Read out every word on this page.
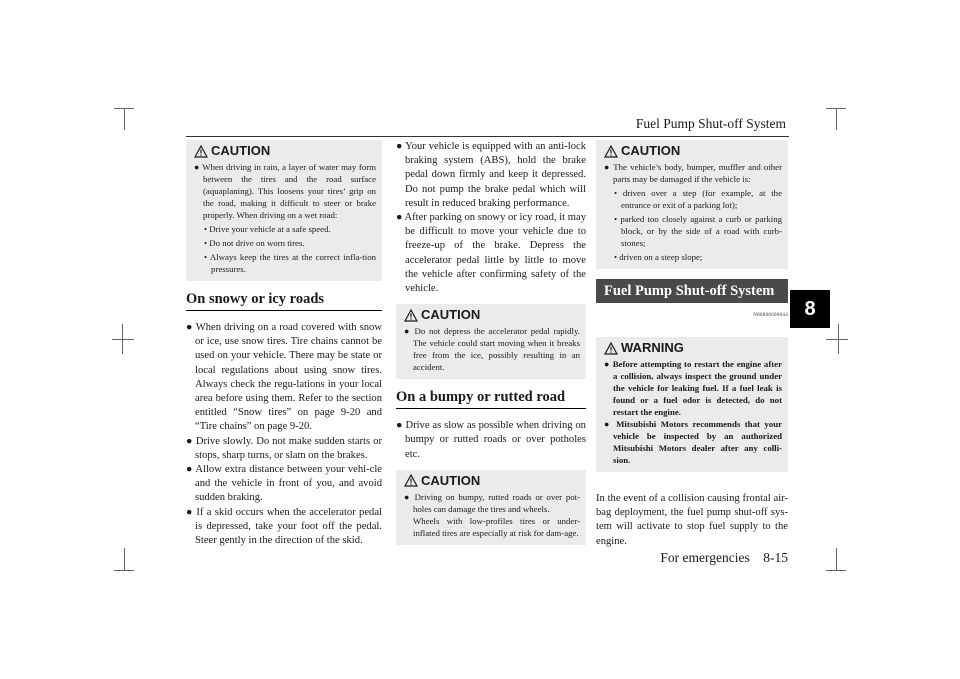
Fuel Pump Shut-off System
8
For emergencies 8-15
CAUTION

● When driving in rain, a layer of water may form between the tires and the road surface (aquaplaning). This loosens your tires’ grip on the road, making it difficult to steer or brake properly. When driving on a wet road:

• Drive your vehicle at a safe speed.

• Do not drive on worn tires.

• Always keep the tires at the correct infla-tion pressures.

On snowy or icy roads

● When driving on a road covered with snow or ice, use snow tires. Tire chains cannot be used on your vehicle. There may be state or local regulations about using snow tires. Always check the regu-lations in your local area before using them. Refer to the section entitled “Snow tires” on page 9-20 and “Tire chains” on page 9-20.

● Drive slowly. Do not make sudden starts or stops, sharp turns, or slam on the brakes.

● Allow extra distance between your vehi-cle and the vehicle in front of you, and avoid sudden braking.

● If a skid occurs when the accelerator pedal is depressed, take your foot off the pedal. Steer gently in the direction of the skid.

● Your vehicle is equipped with an anti-lock braking system (ABS), hold the brake pedal down firmly and keep it depressed. Do not pump the brake pedal which will result in reduced braking performance.

● After parking on snowy or icy road, it may be difficult to move your vehicle due to freeze-up of the brake. Depress the accelerator pedal little by little to move the vehicle after confirming safety of the vehicle.

CAUTION

● Do not depress the accelerator pedal rapidly. The vehicle could start moving when it breaks free from the ice, possibly resulting in an accident.

On a bumpy or rutted road

● Drive as slow as possible when driving on bumpy or rutted roads or over potholes etc.

CAUTION

● Driving on bumpy, rutted roads or over pot-holes can damage the tires and wheels.

Wheels with low-profiles tires or under-inflated tires are especially at risk for dam-age.

CAUTION

● The vehicle’s body, bumper, muffler and other parts may be damaged if the vehicle is:

• driven over a step (for example, at the entrance or exit of a parking lot);

• parked too closely against a curb or parking block, or by the side of a road with curb-stones;

• driven on a steep slope;

Fuel Pump Shut-off System
N00806600044
WARNING

● Before attempting to restart the engine after a collision, always inspect the ground under the vehicle for leaking fuel. If a fuel leak is found or a fuel odor is detected, do not restart the engine.

● Mitsubishi Motors recommends that your vehicle be inspected by an authorized Mitsubishi Motors dealer after any colli-sion.

In the event of a collision causing frontal air-bag deployment, the fuel pump shut-off sys-tem will activate to stop fuel supply to the engine.
